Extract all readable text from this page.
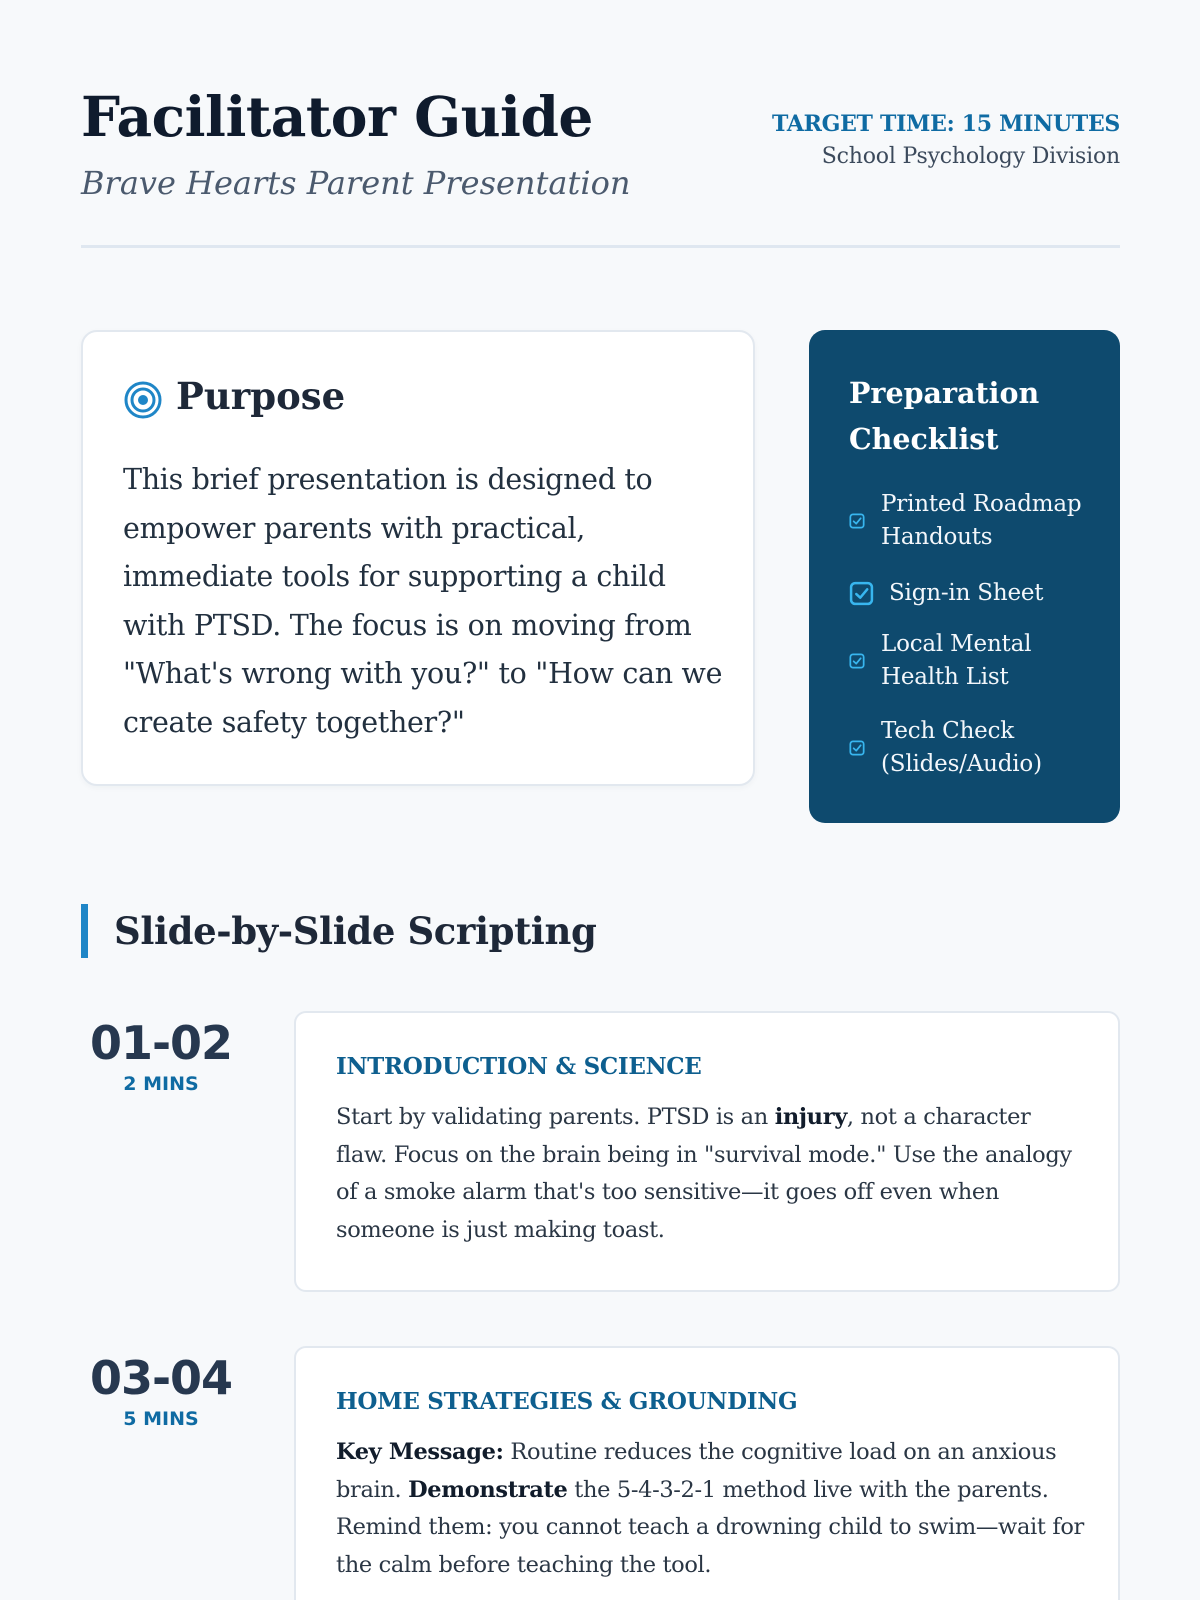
Facilitator Guide
Brave Hearts Parent Presentation
TARGET TIME: 15 MINUTES
School Psychology Division
Purpose
This brief presentation is designed to empower parents with practical, immediate tools for supporting a child with PTSD. The focus is on moving from "What's wrong with you?" to "How can we create safety together?"
Preparation Checklist
Printed Roadmap Handouts
Sign-in Sheet
Local Mental Health List
Tech Check (Slides/Audio)
Slide-by-Slide Scripting
01-02
2 MINS
INTRODUCTION & SCIENCE
Start by validating parents. PTSD is an injury, not a character flaw. Focus on the brain being in "survival mode." Use the analogy of a smoke alarm that's too sensitive—it goes off even when someone is just making toast.
03-04
5 MINS
HOME STRATEGIES & GROUNDING
Key Message: Routine reduces the cognitive load on an anxious brain. Demonstrate the 5-4-3-2-1 method live with the parents. Remind them: you cannot teach a drowning child to swim—wait for the calm before teaching the tool.
